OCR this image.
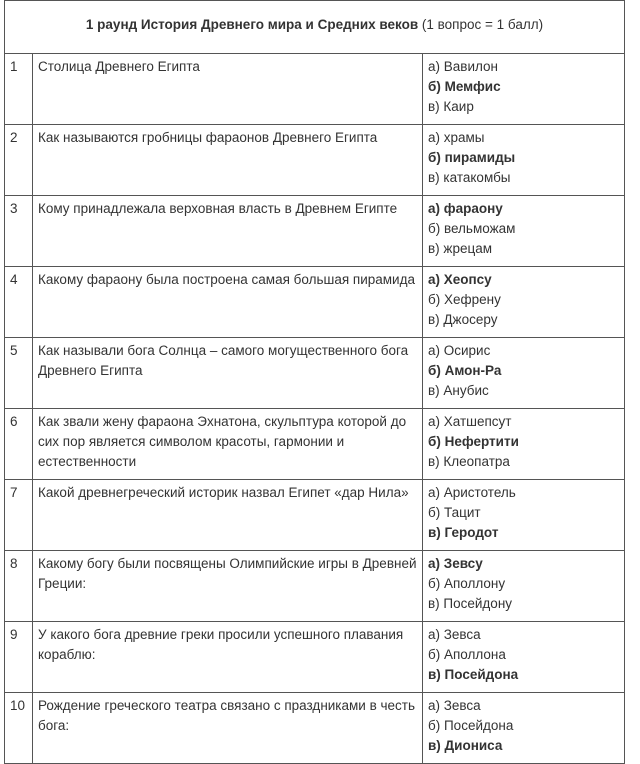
1 раунд История Древнего мира и Средних веков (1 вопрос = 1 балл)		
1	Столица Древнего Египта	а) Вавилон
б) Мемфис
в) Каир

2	Как называются гробницы фараонов Древнего Египта	а) храмы
б) пирамиды
в) катакомбы

3	Кому принадлежала верховная власть в Древнем Египте	а) фараону
б) вельможам
в) жрецам

4	Какому фараону была построена самая большая пирамида	а) Хеопсу
б) Хефрену
в) Джосеру

5	Как называли бога Солнца – самого могущественного бога Древнего Египта	а) Осирис
б) Амон-Ра
в) Анубис

6	Как звали жену фараона Эхнатона, скульптура которой до сих пор является символом красоты, гармонии и естественности	а) Хатшепсут
б) Нефертити
в) Клеопатра

7	Какой древнегреческий историк назвал Египет «дар Нила»	а) Аристотель
б) Тацит
в) Геродот

8	Какому богу были посвящены Олимпийские игры в Древней Греции:	а) Зевсу
б) Аполлону
в) Посейдону

9	У какого бога древние греки просили успешного плавания кораблю:	а) Зевса
б) Аполлона
в) Посейдона

10	Рождение греческого театра связано с праздниками в честь бога:	а) Зевса
б) Посейдона
в) Диониса
